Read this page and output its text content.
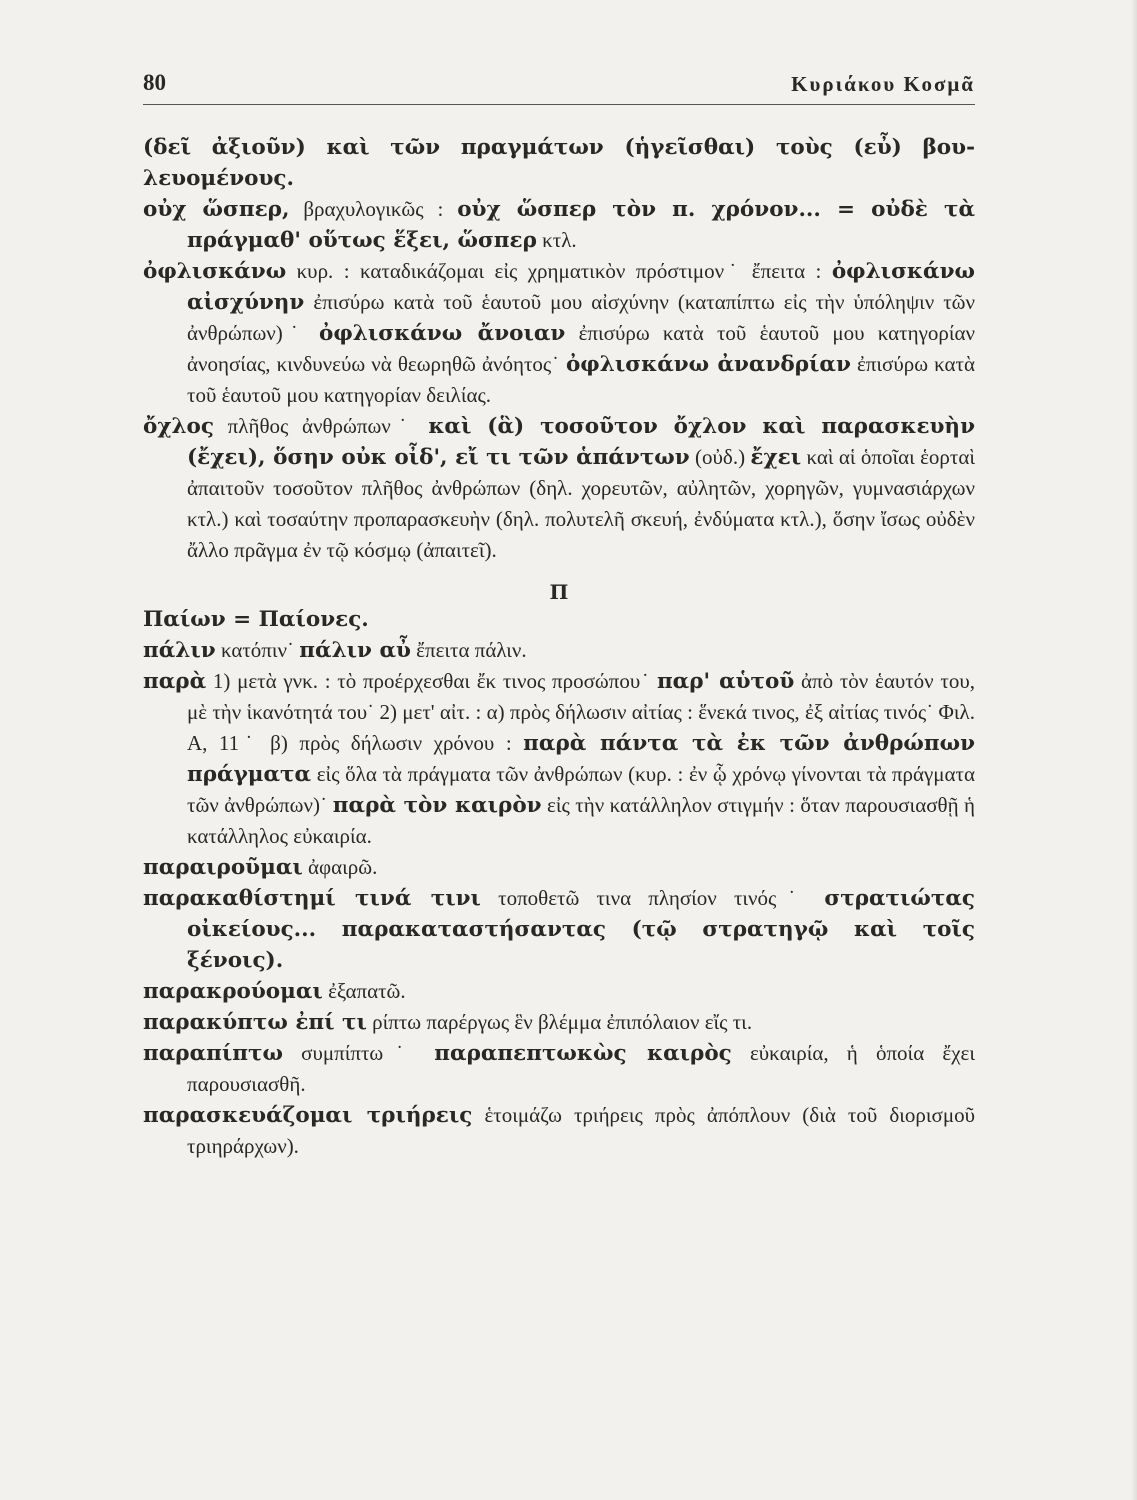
80	Κυριάκου Κοσμᾶ
(δεῖ ἀξιοῦν) καὶ τῶν πραγμάτων (ἡγεῖσθαι) τοὺς (εὖ) βου-λευομένους.
οὐχ ὥσπερ, βραχυλογικῶς : οὐχ ὥσπερ τὸν π. χρόνον... = οὐδὲ τὰ πράγμαθ' οὕτως ἕξει, ὥσπερ κτλ.
ὀφλισκάνω κυρ. : καταδικάζομαι εἰς χρηματικὸν πρόστιμον˙ ἔπειτα : ὀφλισκάνω αἰσχύνην ἐπισύρω κατὰ τοῦ ἑαυτοῦ μου αἰσχύνην (καταπίπτω εἰς τὴν ὑπόληψιν τῶν ἀνθρώπων)˙ ὀφλισκάνω ἄνοιαν ἐπισύρω κατὰ τοῦ ἑαυτοῦ μου κατηγορίαν ἀνοησίας, κινδυνεύω νὰ θεωρηθῶ ἀνόητος˙ ὀφλισκάνω ἀνανδρίαν ἐπισύρω κατὰ τοῦ ἑαυτοῦ μου κατηγορίαν δειλίας.
ὄχλος πλῆθος ἀνθρώπων˙ καὶ (ἃ) τοσοῦτον ὄχλον καὶ παρασκευὴν (ἔχει), ὅσην οὐκ οἶδ', εἴ τι τῶν ἁπάντων (οὐδ.) ἔχει καὶ αἱ ὁποῖαι ἑορταὶ ἀπαιτοῦν τοσοῦτον πλῆθος ἀνθρώπων (δηλ. χορευτῶν, αὐλητῶν, χορηγῶν, γυμνασιάρχων κτλ.) καὶ τοσαύτην προπαρασκευὴν (δηλ. πολυτελῆ σκευή, ἐνδύματα κτλ.), ὅσην ἴσως οὐδὲν ἄλλο πρᾶγμα ἐν τῷ κόσμῳ (ἀπαιτεῖ).
Π
Παίων = Παίονες.
πάλιν κατόπιν˙ πάλιν αὖ ἔπειτα πάλιν.
παρὰ 1) μετὰ γνκ. : τὸ προέρχεσθαι ἔκ τινος προσώπου˙ παρ' αὑτοῦ ἀπὸ τὸν ἑαυτόν του, μὲ τὴν ἱκανότητά του˙ 2) μετ' αἰτ. : α) πρὸς δήλωσιν αἰτίας : ἕνεκά τινος, ἐξ αἰτίας τινός˙ Φιλ. Α, 11˙ β) πρὸς δήλωσιν χρόνου : παρὰ πάντα τὰ ἐκ τῶν ἀνθρώπων πράγματα εἰς ὅλα τὰ πράγματα τῶν ἀνθρώπων (κυρ. : ἐν ᾧ χρόνῳ γίνονται τὰ πράγματα τῶν ἀνθρώπων)˙ παρὰ τὸν καιρὸν εἰς τὴν κατάλληλον στιγμήν : ὅταν παρουσιασθῇ ἡ κατάλληλος εὐκαιρία.
παραιροῦμαι ἀφαιρῶ.
παρακαθίστημί τινά τινι τοποθετῶ τινα πλησίον τινός˙ στρατιώτας οἰκείους... παρακαταστήσαντας (τῷ στρατηγῷ καὶ τοῖς ξένοις).
παρακρούομαι ἐξαπατῶ.
παρακύπτω ἐπί τι ρίπτω παρέργως ἓν βλέμμα ἐπιπόλαιον εἴς τι.
παραπίπτω συμπίπτω˙ παραπεπτωκὼς καιρὸς εὐκαιρία, ἡ ὁποία ἔχει παρουσιασθῆ.
παρασκευάζομαι τριήρεις ἑτοιμάζω τριήρεις πρὸς ἀπόπλουν (διὰ τοῦ διορισμοῦ τριηράρχων).
